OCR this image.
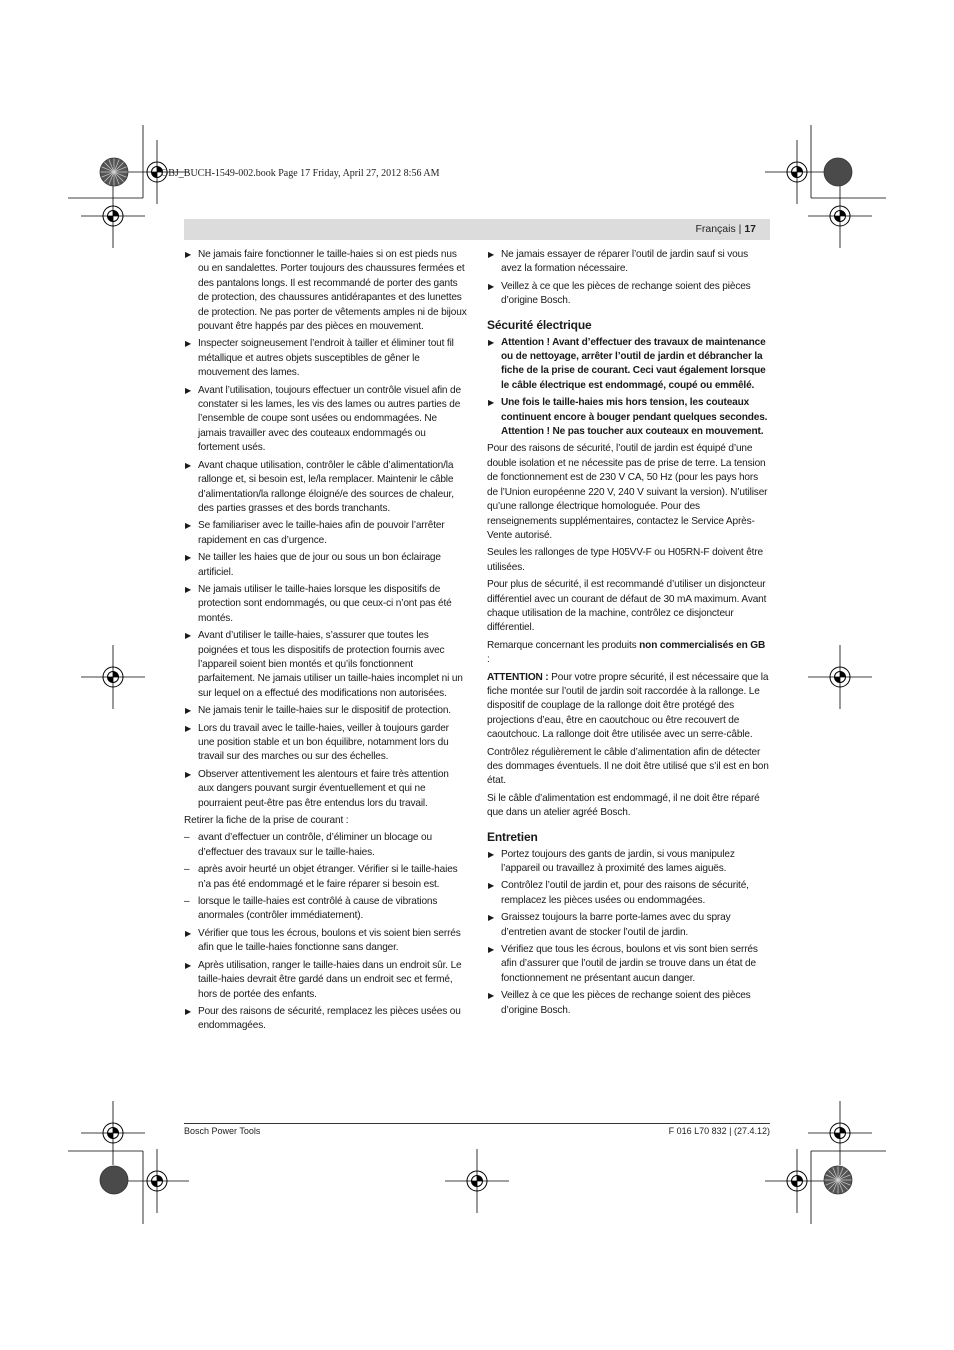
OBJ_BUCH-1549-002.book Page 17 Friday, April 27, 2012 8:56 AM
Français | 17
▶ Ne jamais faire fonctionner le taille-haies si on est pieds nus ou en sandalettes. Porter toujours des chaussures fermées et des pantalons longs. Il est recommandé de porter des gants de protection, des chaussures antidérapantes et des lunettes de protection. Ne pas porter de vêtements amples ni de bijoux pouvant être happés par des pièces en mouvement.
▶ Inspecter soigneusement l’endroit à tailler et éliminer tout fil métallique et autres objets susceptibles de gêner le mouvement des lames.
▶ Avant l’utilisation, toujours effectuer un contrôle visuel afin de constater si les lames, les vis des lames ou autres parties de l’ensemble de coupe sont usées ou endommagées. Ne jamais travailler avec des couteaux endommagés ou fortement usés.
▶ Avant chaque utilisation, contrôler le câble d’alimentation/la rallonge et, si besoin est, le/la remplacer. Maintenir le câble d’alimentation/la rallonge éloigné/e des sources de chaleur, des parties grasses et des bords tranchants.
▶ Se familiariser avec le taille-haies afin de pouvoir l’arrêter rapidement en cas d’urgence.
▶ Ne tailler les haies que de jour ou sous un bon éclairage artificiel.
▶ Ne jamais utiliser le taille-haies lorsque les dispositifs de protection sont endommagés, ou que ceux-ci n’ont pas été montés.
▶ Avant d’utiliser le taille-haies, s’assurer que toutes les poignées et tous les dispositifs de protection fournis avec l’appareil soient bien montés et qu’ils fonctionnent parfaitement. Ne jamais utiliser un taille-haies incomplet ni un sur lequel on a effectué des modifications non autorisées.
▶ Ne jamais tenir le taille-haies sur le dispositif de protection.
▶ Lors du travail avec le taille-haies, veiller à toujours garder une position stable et un bon équilibre, notamment lors du travail sur des marches ou sur des échelles.
▶ Observer attentivement les alentours et faire très attention aux dangers pouvant surgir éventuellement et qui ne pourraient peut-être pas être entendus lors du travail.

Retirer la fiche de la prise de courant :

– avant d’effectuer un contrôle, d’éliminer un blocage ou d’effectuer des travaux sur le taille-haies.
– après avoir heurté un objet étranger. Vérifier si le taille-haies n’a pas été endommagé et le faire réparer si besoin est.
– lorsque le taille-haies est contrôlé à cause de vibrations anormales (contrôler immédiatement).
▶ Vérifier que tous les écrous, boulons et vis soient bien serrés afin que le taille-haies fonctionne sans danger.
▶ Après utilisation, ranger le taille-haies dans un endroit sûr. Le taille-haies devrait être gardé dans un endroit sec et fermé, hors de portée des enfants.
▶ Pour des raisons de sécurité, remplacez les pièces usées ou endommagées.
▶ Ne jamais essayer de réparer l’outil de jardin sauf si vous avez la formation nécessaire.
▶ Veillez à ce que les pièces de rechange soient des pièces d’origine Bosch.
Sécurité électrique
▶ Attention ! Avant d’effectuer des travaux de maintenance ou de nettoyage, arrêter l’outil de jardin et débrancher la fiche de la prise de courant. Ceci vaut également lorsque le câble électrique est endommagé, coupé ou emmêlé.
▶ Une fois le taille-haies mis hors tension, les couteaux continuent encore à bouger pendant quelques secondes. Attention ! Ne pas toucher aux couteaux en mouvement.

Pour des raisons de sécurité, l’outil de jardin est équipé d’une double isolation et ne nécessite pas de prise de terre. La tension de fonctionnement est de 230 V CA, 50 Hz (pour les pays hors de l’Union européenne 220 V, 240 V suivant la version). N’utiliser qu’une rallonge électrique homologuée. Pour des renseignements supplémentaires, contactez le Service Après-Vente autorisé.

Seules les rallonges de type H05VV-F ou H05RN-F doivent être utilisées.

Pour plus de sécurité, il est recommandé d’utiliser un disjoncteur différentiel avec un courant de défaut de 30 mA maximum. Avant chaque utilisation de la machine, contrôlez ce disjoncteur différentiel.

Remarque concernant les produits non commercialisés en GB :

ATTENTION : Pour votre propre sécurité, il est nécessaire que la fiche montée sur l’outil de jardin soit raccordée à la rallonge. Le dispositif de couplage de la rallonge doit être protégé des projections d’eau, être en caoutchouc ou être recouvert de caoutchouc. La rallonge doit être utilisée avec un serre-câble.

Contrôlez régulièrement le câble d’alimentation afin de détecter des dommages éventuels. Il ne doit être utilisé que s’il est en bon état.

Si le câble d’alimentation est endommagé, il ne doit être réparé que dans un atelier agréé Bosch.

Entretien
▶ Portez toujours des gants de jardin, si vous manipulez l’appareil ou travaillez à proximité des lames aiguës.
▶ Contrôlez l’outil de jardin et, pour des raisons de sécurité, remplacez les pièces usées ou endommagées.
▶ Graissez toujours la barre porte-lames avec du spray d’entretien avant de stocker l’outil de jardin.
▶ Vérifiez que tous les écrous, boulons et vis sont bien serrés afin d’assurer que l’outil de jardin se trouve dans un état de fonctionnement ne présentant aucun danger.
▶ Veillez à ce que les pièces de rechange soient des pièces d’origine Bosch.
Bosch Power Tools	F 016 L70 832 | (27.4.12)
